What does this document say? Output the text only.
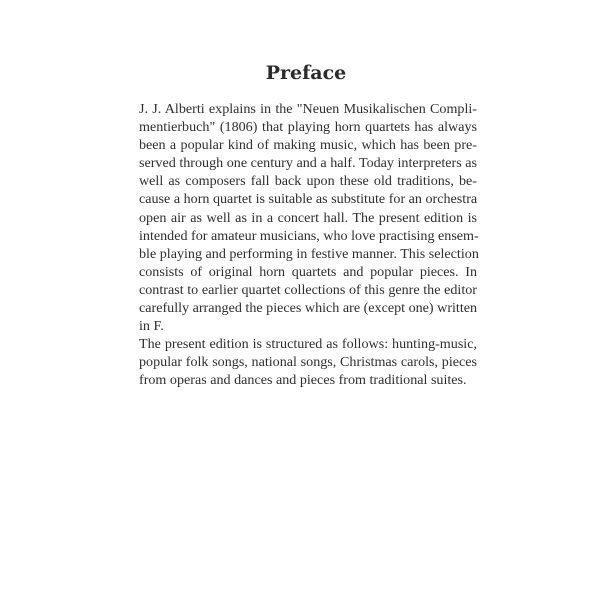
Preface
J. J. Alberti explains in the "Neuen Musikalischen Compli-
mentierbuch" (1806) that playing horn quartets has always
been a popular kind of making music, which has been pre-
served through one century and a half. Today interpreters as
well as composers fall back upon these old traditions, be-
cause a horn quartet is suitable as substitute for an orchestra
open air as well as in a concert hall. The present edition is
intended for amateur musicians, who love practising ensem-
ble playing and performing in festive manner. This selection
consists of original horn quartets and popular pieces. In
contrast to earlier quartet collections of this genre the editor
carefully arranged the pieces which are (except one) written
in F.
The present edition is structured as follows: hunting-music,
popular folk songs, national songs, Christmas carols, pieces
from operas and dances and pieces from traditional suites.
